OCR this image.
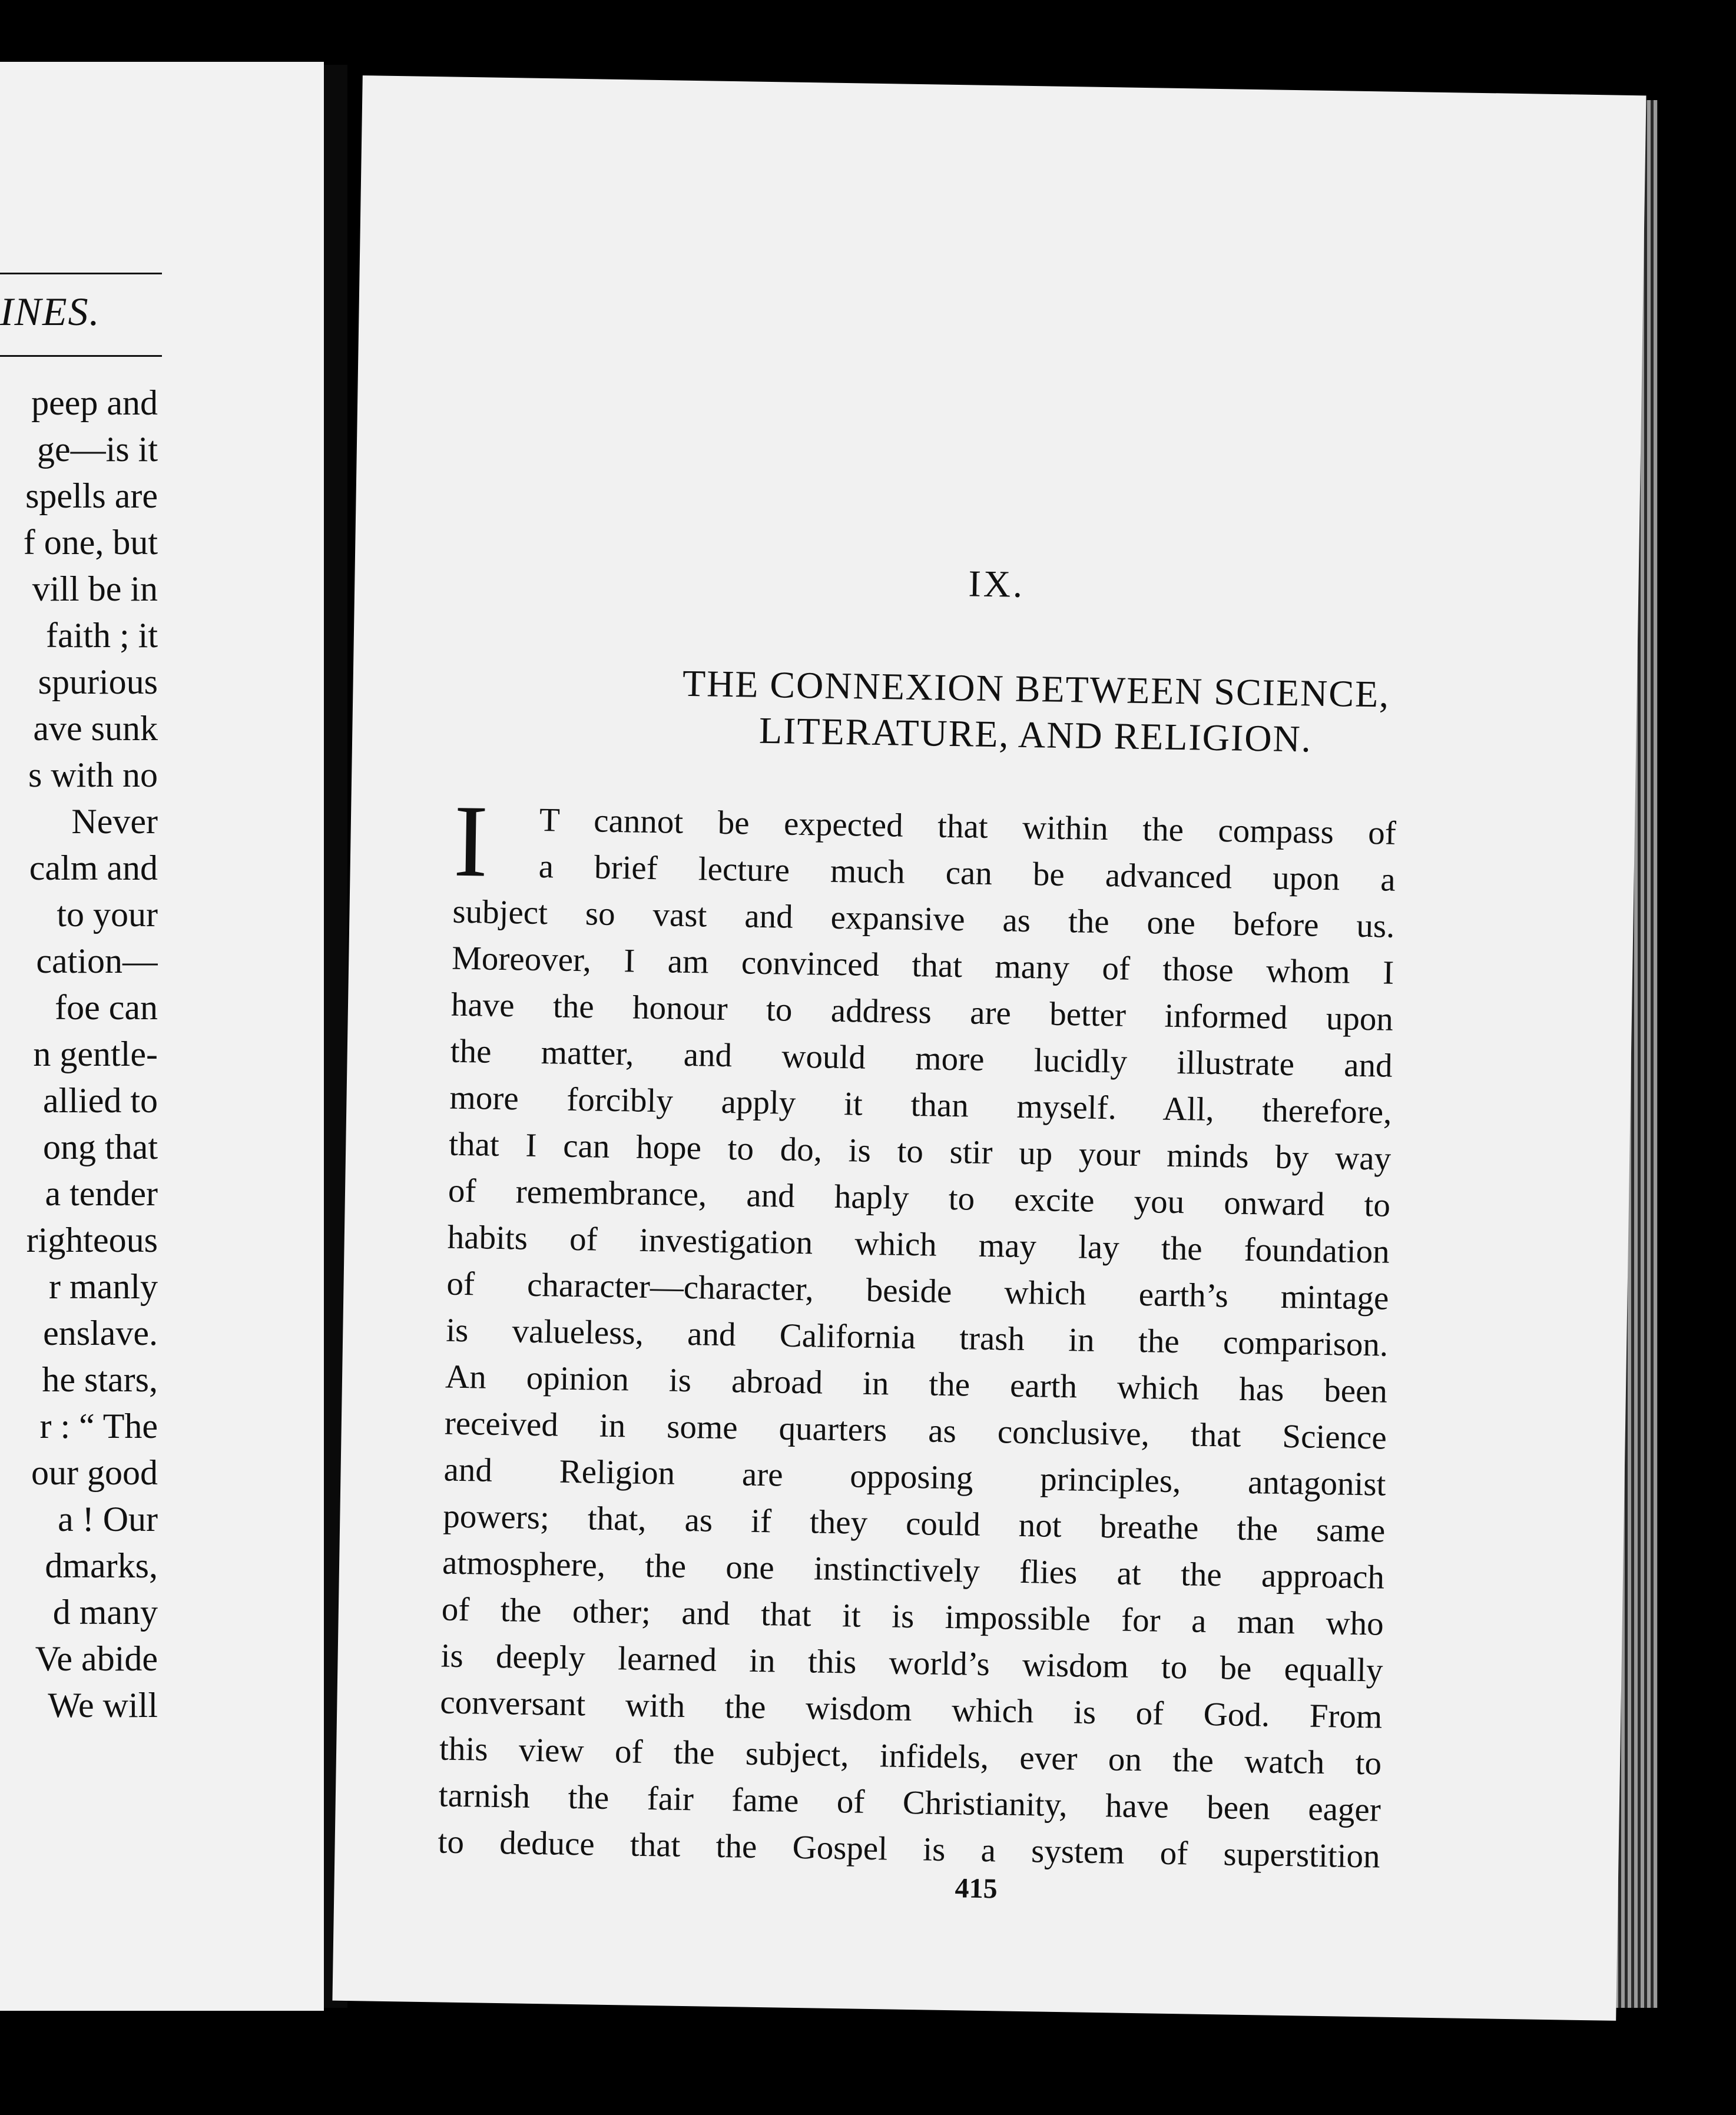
INES.
peep and
ge—is it
spells are
f one, but
vill be in
faith ; it
spurious
ave sunk
s with no
Never
calm and
to your
cation—
foe can
n gentle-
allied to
ong that
a tender
righteous
r manly
enslave.
he stars,
r : “ The
our good
a ! Our
dmarks,
d many
Ve abide
We will
IX.
THE CONNEXION BETWEEN SCIENCE,
LITERATURE, AND RELIGION.
I T cannot be expected that within the compass of
a brief lecture much can be advanced upon a
subject so vast and expansive as the one before us.
Moreover, I am convinced that many of those whom I
have the honour to address are better informed upon
the matter, and would more lucidly illustrate and
more forcibly apply it than myself. All, therefore,
that I can hope to do, is to stir up your minds by way
of remembrance, and haply to excite you onward to
habits of investigation which may lay the foundation
of character—character, beside which earth’s mintage
is valueless, and California trash in the comparison.
An opinion is abroad in the earth which has been
received in some quarters as conclusive, that Science
and Religion are opposing principles, antagonist
powers; that, as if they could not breathe the same
atmosphere, the one instinctively flies at the approach
of the other; and that it is impossible for a man who
is deeply learned in this world’s wisdom to be equally
conversant with the wisdom which is of God. From
this view of the subject, infidels, ever on the watch to
tarnish the fair fame of Christianity, have been eager
to deduce that the Gospel is a system of superstition
415
